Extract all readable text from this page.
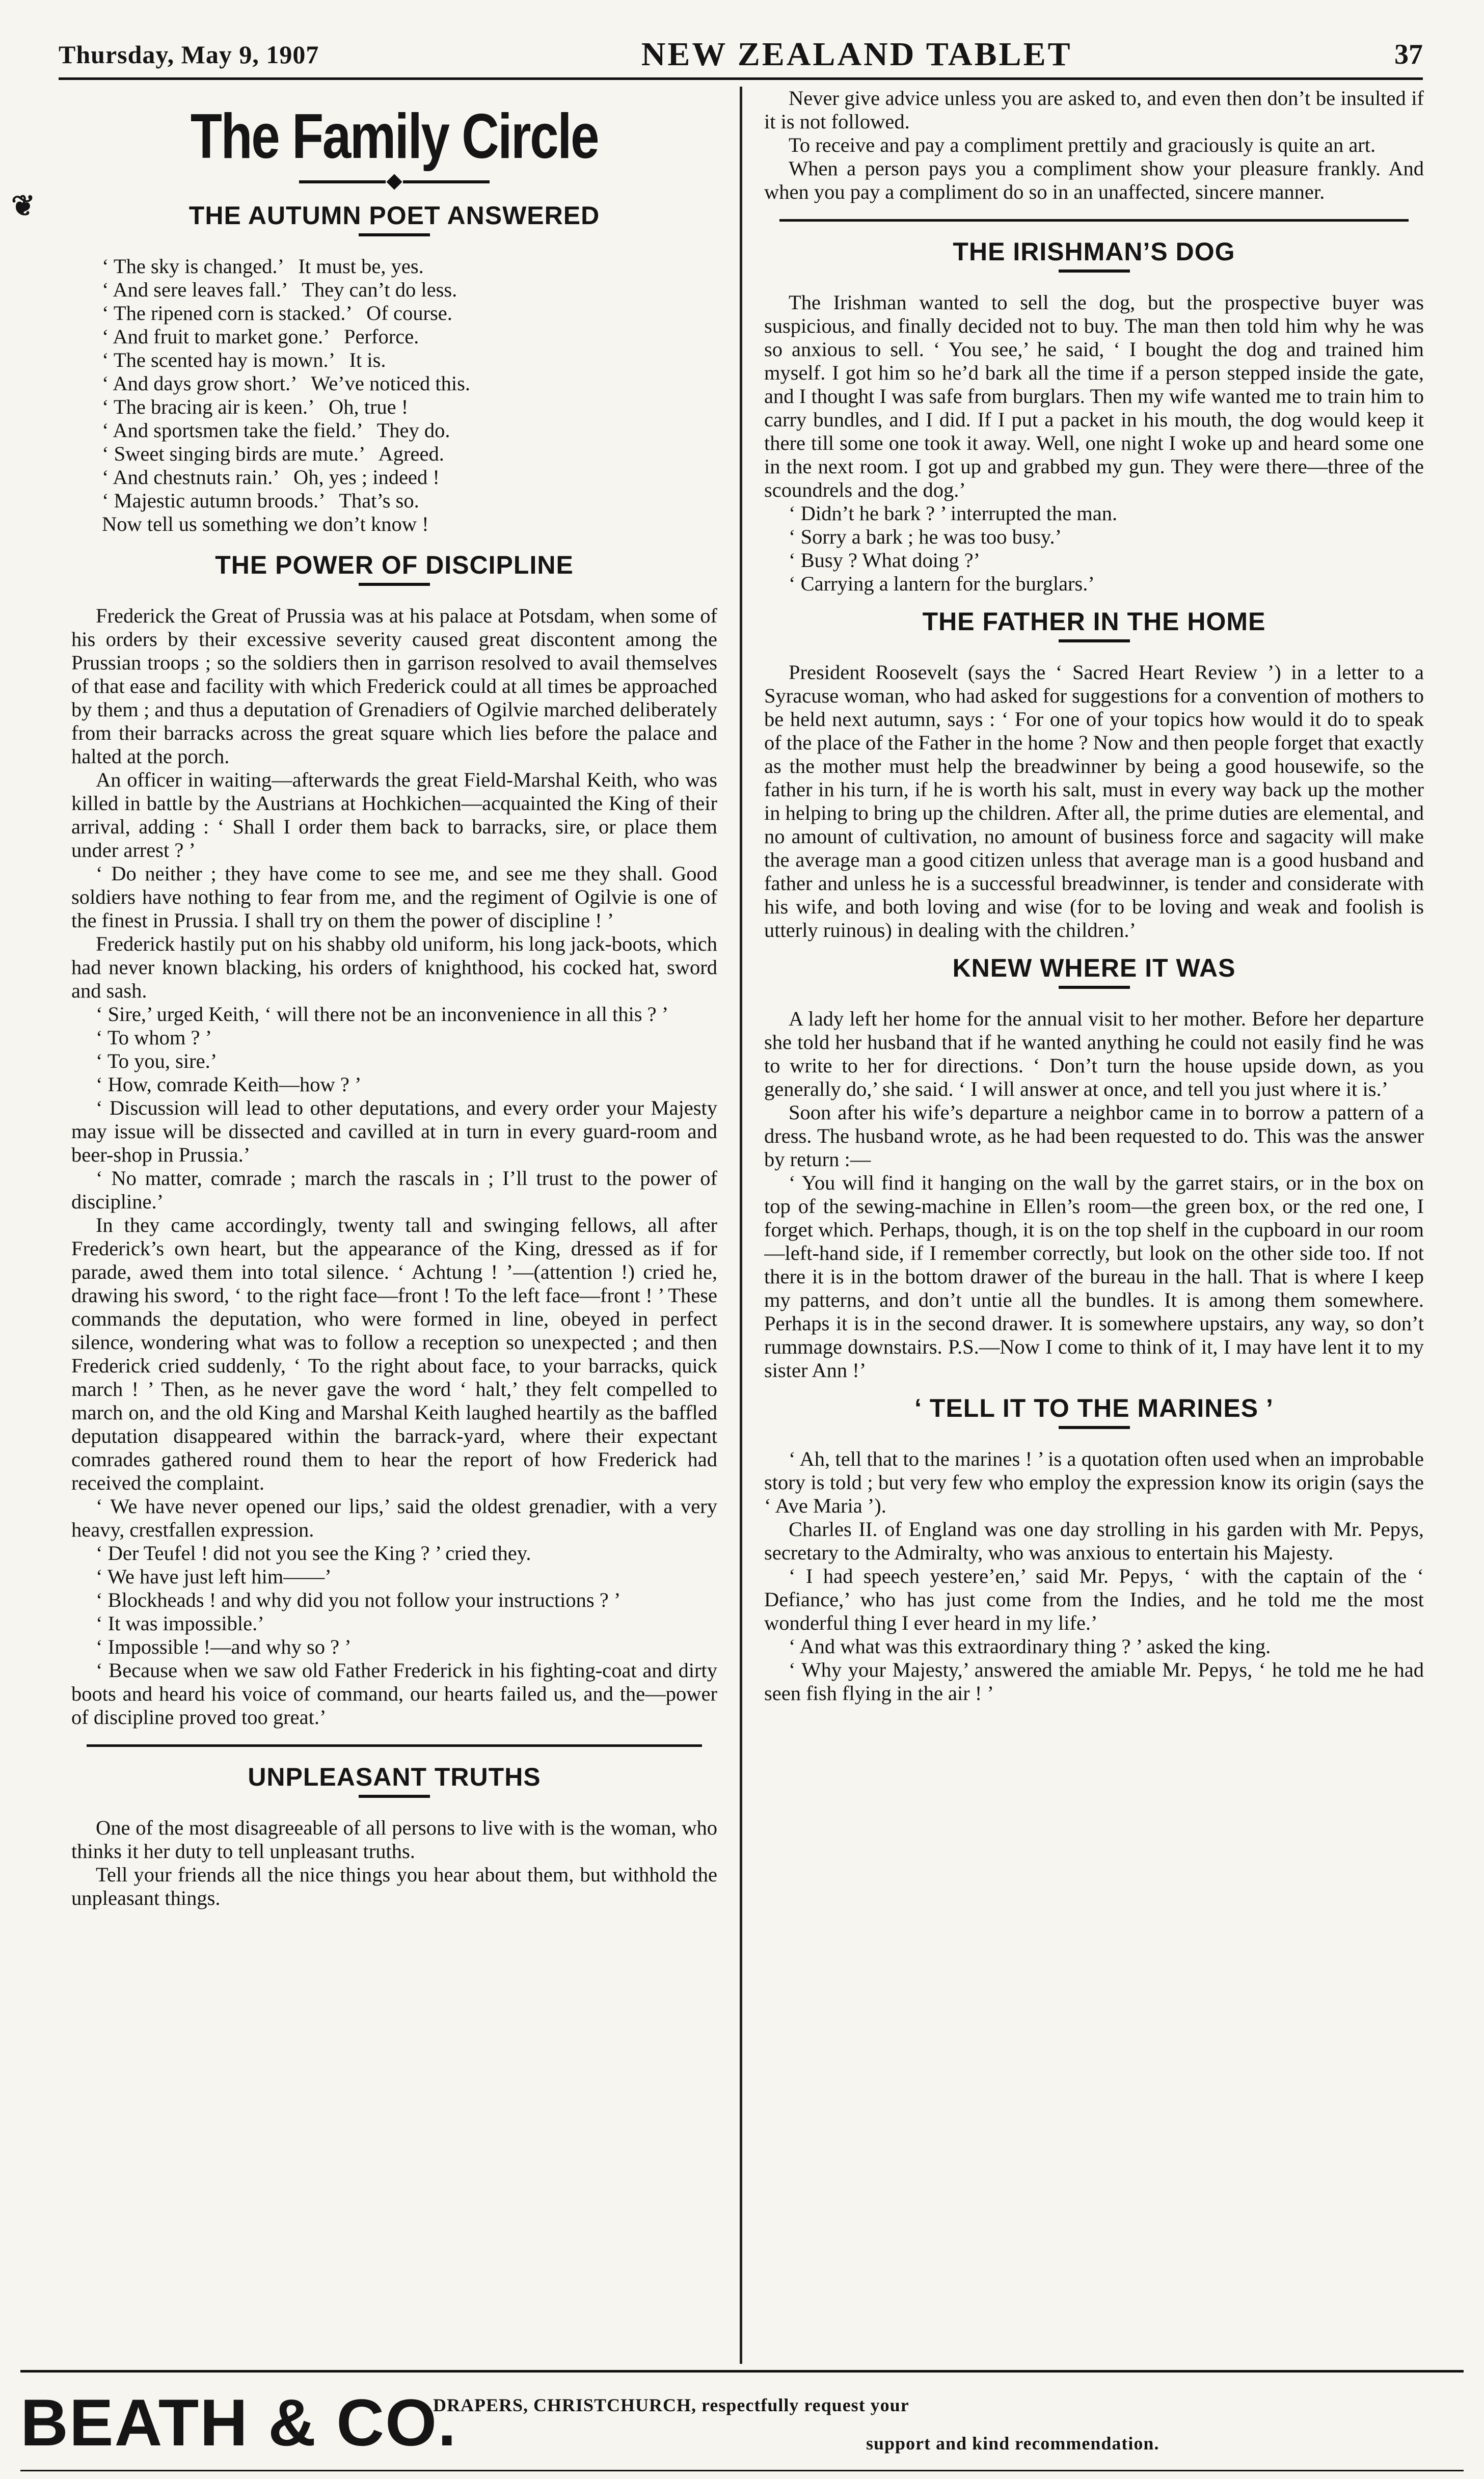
Thursday, May 9, 1907	NEW ZEALAND TABLET	37
❦
The Family Circle
THE AUTUMN POET ANSWERED
‘ The sky is changed.’   It must be, yes.
‘ And sere leaves fall.’   They can’t do less.
‘ The ripened corn is stacked.’   Of course.
‘ And fruit to market gone.’   Perforce.
‘ The scented hay is mown.’   It is.
‘ And days grow short.’   We’ve noticed this.
‘ The bracing air is keen.’   Oh, true !
‘ And sportsmen take the field.’   They do.
‘ Sweet singing birds are mute.’   Agreed.
‘ And chestnuts rain.’   Oh, yes ; indeed !
‘ Majestic autumn broods.’   That’s so.
Now tell us something we don’t know !
THE POWER OF DISCIPLINE

Frederick the Great of Prussia was at his palace at Potsdam, when some of his orders by their excessive severity caused great discontent among the Prussian troops ; so the soldiers then in garrison resolved to avail themselves of that ease and facility with which Frederick could at all times be approached by them ; and thus a deputation of Grenadiers of Ogilvie marched deliberately from their barracks across the great square which lies before the palace and halted at the porch.

An officer in waiting—afterwards the great Field-Marshal Keith, who was killed in battle by the Austrians at Hochkichen—acquainted the King of their arrival, adding : ‘ Shall I order them back to barracks, sire, or place them under arrest ? ’

‘ Do neither ; they have come to see me, and see me they shall. Good soldiers have nothing to fear from me, and the regiment of Ogilvie is one of the finest in Prussia. I shall try on them the power of discipline ! ’

Frederick hastily put on his shabby old uniform, his long jack-boots, which had never known blacking, his orders of knighthood, his cocked hat, sword and sash.

‘ Sire,’ urged Keith, ‘ will there not be an inconvenience in all this ? ’

‘ To whom ? ’

‘ To you, sire.’

‘ How, comrade Keith—how ? ’

‘ Discussion will lead to other deputations, and every order your Majesty may issue will be dissected and cavilled at in turn in every guard-room and beer-shop in Prussia.’

‘ No matter, comrade ; march the rascals in ; I’ll trust to the power of discipline.’

In they came accordingly, twenty tall and swinging fellows, all after Frederick’s own heart, but the appearance of the King, dressed as if for parade, awed them into total silence. ‘ Achtung ! ’—(attention !) cried he, drawing his sword, ‘ to the right face—front ! To the left face—front ! ’ These commands the deputation, who were formed in line, obeyed in perfect silence, wondering what was to follow a reception so unexpected ; and then Frederick cried suddenly, ‘ To the right about face, to your barracks, quick march ! ’ Then, as he never gave the word ‘ halt,’ they felt compelled to march on, and the old King and Marshal Keith laughed heartily as the baffled deputation disappeared within the barrack-yard, where their expectant comrades gathered round them to hear the report of how Frederick had received the complaint.

‘ We have never opened our lips,’ said the oldest grenadier, with a very heavy, crestfallen expression.

‘ Der Teufel ! did not you see the King ? ’ cried they.

‘ We have just left him——’

‘ Blockheads ! and why did you not follow your instructions ? ’

‘ It was impossible.’

‘ Impossible !—and why so ? ’

‘ Because when we saw old Father Frederick in his fighting-coat and dirty boots and heard his voice of command, our hearts failed us, and the—power of discipline proved too great.’

UNPLEASANT TRUTHS

One of the most disagreeable of all persons to live with is the woman, who thinks it her duty to tell unpleasant truths.

Tell your friends all the nice things you hear about them, but withhold the unpleasant things.

Never give advice unless you are asked to, and even then don’t be insulted if it is not followed.

To receive and pay a compliment prettily and graciously is quite an art.

When a person pays you a compliment show your pleasure frankly. And when you pay a compliment do so in an unaffected, sincere manner.

THE IRISHMAN’S DOG

The Irishman wanted to sell the dog, but the prospective buyer was suspicious, and finally decided not to buy. The man then told him why he was so anxious to sell. ‘ You see,’ he said, ‘ I bought the dog and trained him myself. I got him so he’d bark all the time if a person stepped inside the gate, and I thought I was safe from burglars. Then my wife wanted me to train him to carry bundles, and I did. If I put a packet in his mouth, the dog would keep it there till some one took it away. Well, one night I woke up and heard some one in the next room. I got up and grabbed my gun. They were there—three of the scoundrels and the dog.’

‘ Didn’t he bark ? ’ interrupted the man.

‘ Sorry a bark ; he was too busy.’

‘ Busy ? What doing ?’

‘ Carrying a lantern for the burglars.’

THE FATHER IN THE HOME

President Roosevelt (says the ‘ Sacred Heart Review ’) in a letter to a Syracuse woman, who had asked for suggestions for a convention of mothers to be held next autumn, says : ‘ For one of your topics how would it do to speak of the place of the Father in the home ? Now and then people forget that exactly as the mother must help the breadwinner by being a good housewife, so the father in his turn, if he is worth his salt, must in every way back up the mother in helping to bring up the children. After all, the prime duties are elemental, and no amount of cultivation, no amount of business force and sagacity will make the average man a good citizen unless that average man is a good husband and father and unless he is a successful breadwinner, is tender and considerate with his wife, and both loving and wise (for to be loving and weak and foolish is utterly ruinous) in dealing with the children.’

KNEW WHERE IT WAS

A lady left her home for the annual visit to her mother. Before her departure she told her husband that if he wanted anything he could not easily find he was to write to her for directions. ‘ Don’t turn the house upside down, as you generally do,’ she said. ‘ I will answer at once, and tell you just where it is.’

Soon after his wife’s departure a neighbor came in to borrow a pattern of a dress. The husband wrote, as he had been requested to do. This was the answer by return :—

‘ You will find it hanging on the wall by the garret stairs, or in the box on top of the sewing-machine in Ellen’s room—the green box, or the red one, I forget which. Perhaps, though, it is on the top shelf in the cupboard in our room—left-hand side, if I remember correctly, but look on the other side too. If not there it is in the bottom drawer of the bureau in the hall. That is where I keep my patterns, and don’t untie all the bundles. It is among them somewhere. Perhaps it is in the second drawer. It is somewhere upstairs, any way, so don’t rummage downstairs. P.S.—Now I come to think of it, I may have lent it to my sister Ann !’

‘ TELL IT TO THE MARINES ’

‘ Ah, tell that to the marines ! ’ is a quotation often used when an improbable story is told ; but very few who employ the expression know its origin (says the ‘ Ave Maria ’).

Charles II. of England was one day strolling in his garden with Mr. Pepys, secretary to the Admiralty, who was anxious to entertain his Majesty.

‘ I had speech yestere’en,’ said Mr. Pepys, ‘ with the captain of the ‘ Defiance,’ who has just come from the Indies, and he told me the most wonderful thing I ever heard in my life.’

‘ And what was this extraordinary thing ? ’ asked the king.

‘ Why your Majesty,’ answered the amiable Mr. Pepys, ‘ he told me he had seen fish flying in the air ! ’

BEATH & CO.
DRAPERS, CHRISTCHURCH, respectfully request your
support and kind recommendation.
